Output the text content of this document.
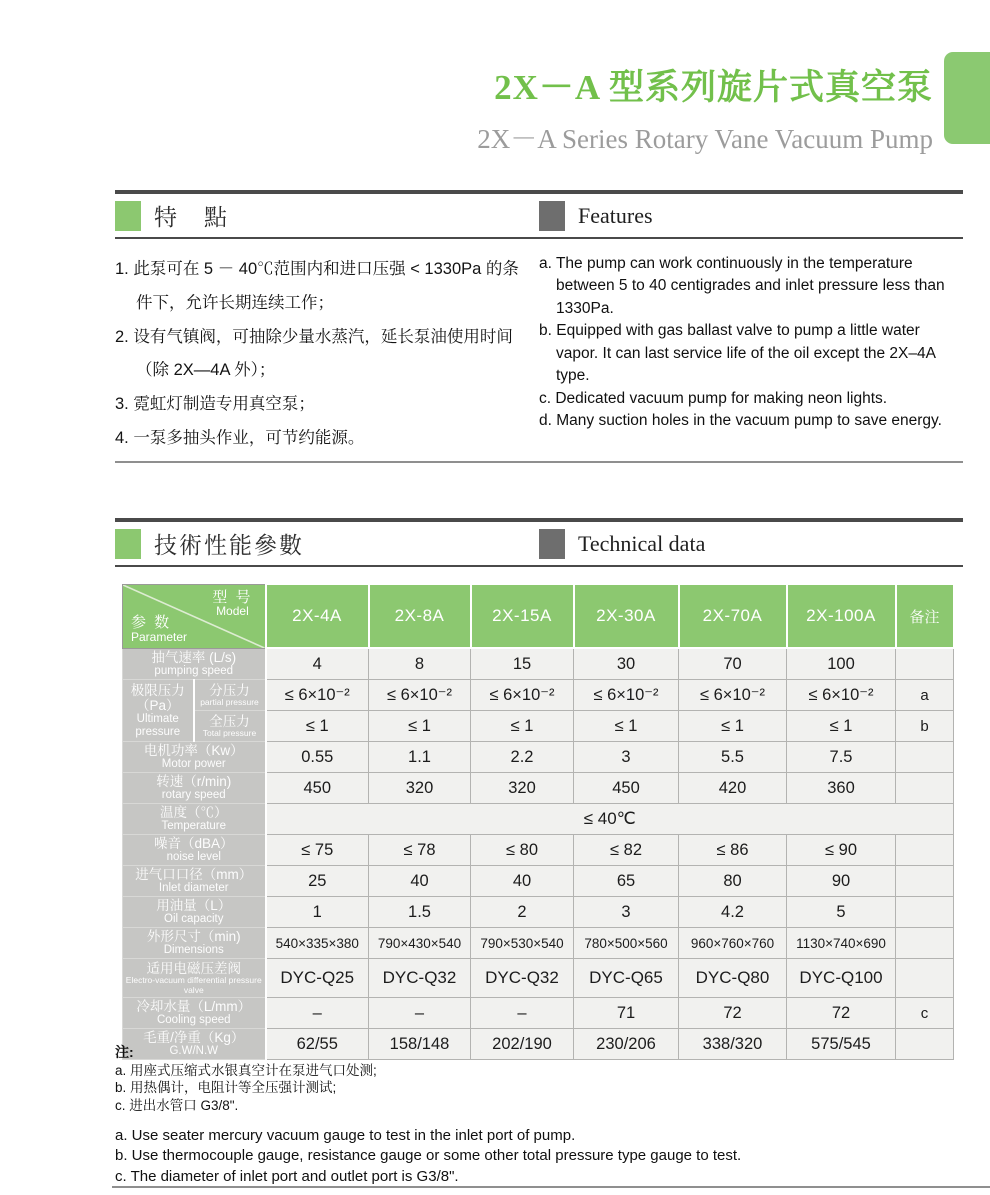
2X－A 型系列旋片式真空泵
2X－A Series Rotary Vane Vacuum Pump
特　點	Features
1. 此泵可在 5 － 40℃范围内和进口压强 < 1330Pa 的条件下，允许长期连续工作；
2. 设有气镇阀，可抽除少量水蒸汽，延长泵油使用时间（除 2X—4A 外）；
3. 霓虹灯制造专用真空泵；
4. 一泵多抽头作业，可节约能源。
a. The pump can work continuously in the temperature between 5 to 40 centigrades and inlet pressure less than 1330Pa.
b. Equipped with gas ballast valve to pump a little water vapor. It can last service life of the oil except the 2X–4A type.
c. Dedicated vacuum pump for making neon lights.
d. Many suction holes in the vacuum pump to save energy.
技術性能參數	Technical data
型 号
Model
参 数
Parameter		2X-4A	2X-8A	2X-15A	2X-30A	2X-70A	2X-100A	备注

抽气速率 (L/s)
pumping speed		4	8	15	30	70	100	

极限压力（Pa）
Ultimate pressure

分压力
partial pressure	≤ 6×10⁻²	≤ 6×10⁻²	≤ 6×10⁻²	≤ 6×10⁻²	≤ 6×10⁻²	≤ 6×10⁻²	a

	全压力
Total pressure	≤ 1	≤ 1	≤ 1	≤ 1	≤ 1	≤ 1	b

电机功率（Kw）
Motor power		0.55	1.1	2.2	3	5.5	7.5	

转速（r/min)
rotary speed		450	320	320	450	420	360	

温度（℃）
Temperature		≤ 40℃						

噪音（dBA）
noise level		≤ 75	≤ 78	≤ 80	≤ 82	≤ 86	≤ 90	

进气口口径（mm）
Inlet diameter		25	40	40	65	80	90	

用油量（L）
Oil capacity		1	1.5	2	3	4.2	5	

外形尺寸（min)
Dimensions		540×335×380	790×430×540	790×530×540	780×500×560	960×760×760	1130×740×690	

适用电磁压差阀
Electro-vacuum differential pressure valve		DYC-Q25	DYC-Q32	DYC-Q32	DYC-Q65	DYC-Q80	DYC-Q100	

冷却水量（L/mm）
Cooling speed		–	–	–	71	72	72	c

毛重/净重（Kg）
G.W/N.W		62/55	158/148	202/190	230/206	338/320	575/545	
注:
a. 用座式压缩式水银真空计在泵进气口处测;
b. 用热偶计，电阻计等全压强计测试;
c. 进出水管口 G3/8".
a. Use seater mercury vacuum gauge to test in the inlet port of pump.
b. Use thermocouple gauge, resistance gauge or some other total pressure type gauge to test.
c. The diameter of inlet port and outlet port is G3/8".
